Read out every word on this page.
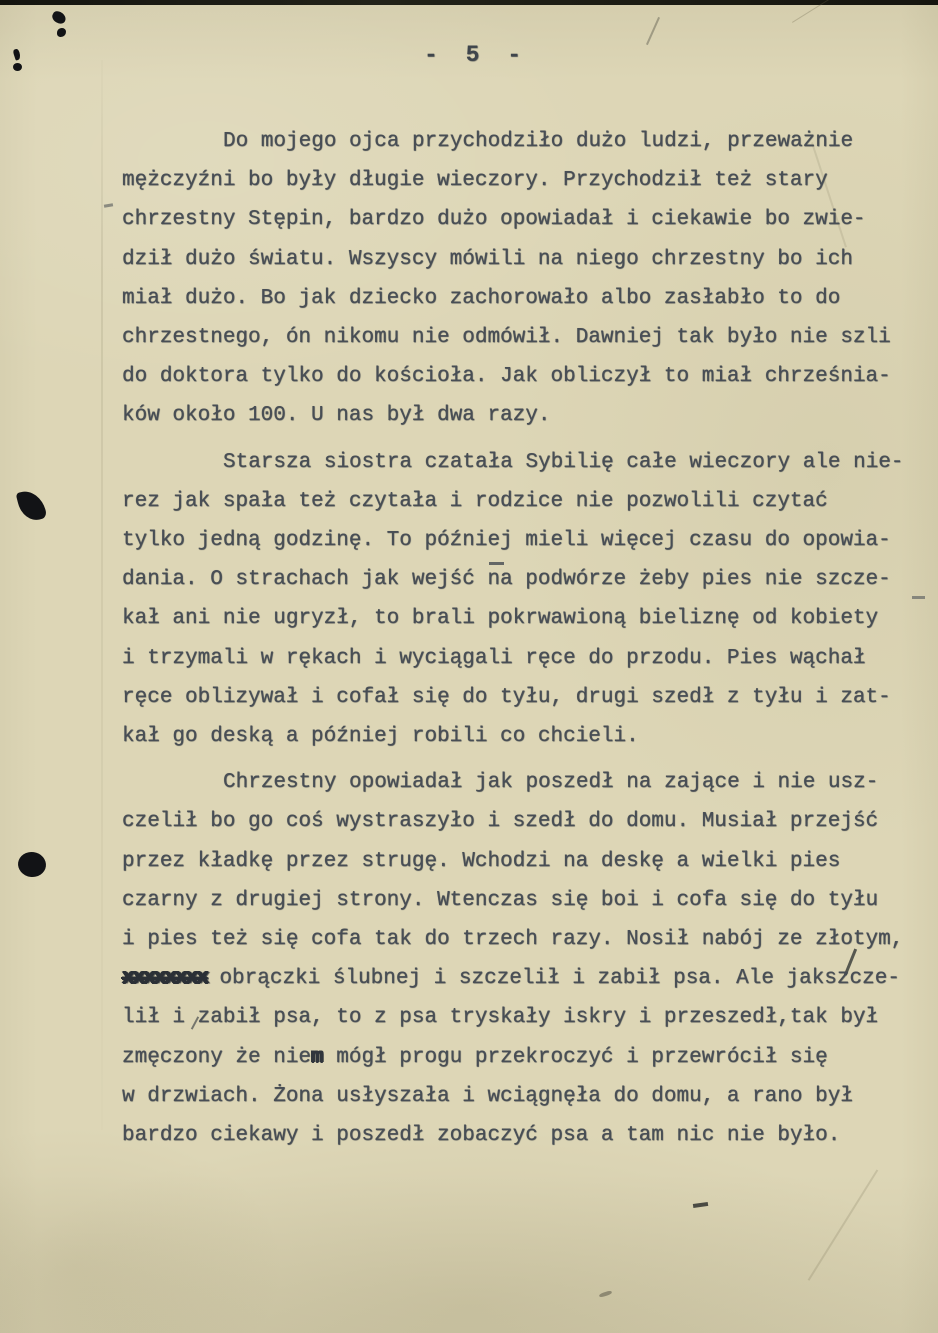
- 5 -
Do mojego ojca przychodziło dużo ludzi, przeważnie
mężczyźni bo były długie wieczory. Przychodził też stary
chrzestny Stępin, bardzo dużo opowiadał i ciekawie bo zwie-
dził dużo światu. Wszyscy mówili na niego chrzestny bo ich
miał dużo. Bo jak dziecko zachorowało albo zasłabło to do
chrzestnego, ón nikomu nie odmówił. Dawniej tak było nie szli
do doktora tylko do kościoła. Jak obliczył to miał chrześnia-
ków około 100. U nas był dwa razy.
Starsza siostra czatała Sybilię całe wieczory ale nie-
rez jak spała też czytała i rodzice nie pozwolili czytać
tylko jedną godzinę. To później mieli więcej czasu do opowia-
dania. O strachach jak wejść na podwórze żeby pies nie szcze-
kał ani nie ugryzł, to brali pokrwawioną bieliznę od kobiety
i trzymali w rękach i wyciągali ręce do przodu. Pies wąchał
ręce oblizywał i cofał się do tyłu, drugi szedł z tyłu i zat-
kał go deską a później robili co chcieli.
Chrzestny opowiadał jak poszedł na zające i nie usz-
czelił bo go coś wystraszyło i szedł do domu. Musiał przejść
przez kładkę przez strugę. Wchodzi na deskę a wielki pies
czarny z drugiej strony. Wtenczas się boi i cofa się do tyłu
i pies też się cofa tak do trzech razy. Nosił nabój ze złotym,
xxxxxxxx obrączki ślubnej i szczelił i zabił psa. Ale jakszcze-
lił i zabił psa, to z psa tryskały iskry i przeszedł,tak był
zmęczony że niem mógł progu przekroczyć i przewrócił się
w drzwiach. Żona usłyszała i wciągnęła do domu, a rano był
bardzo ciekawy i poszedł zobaczyć psa a tam nic nie było.
